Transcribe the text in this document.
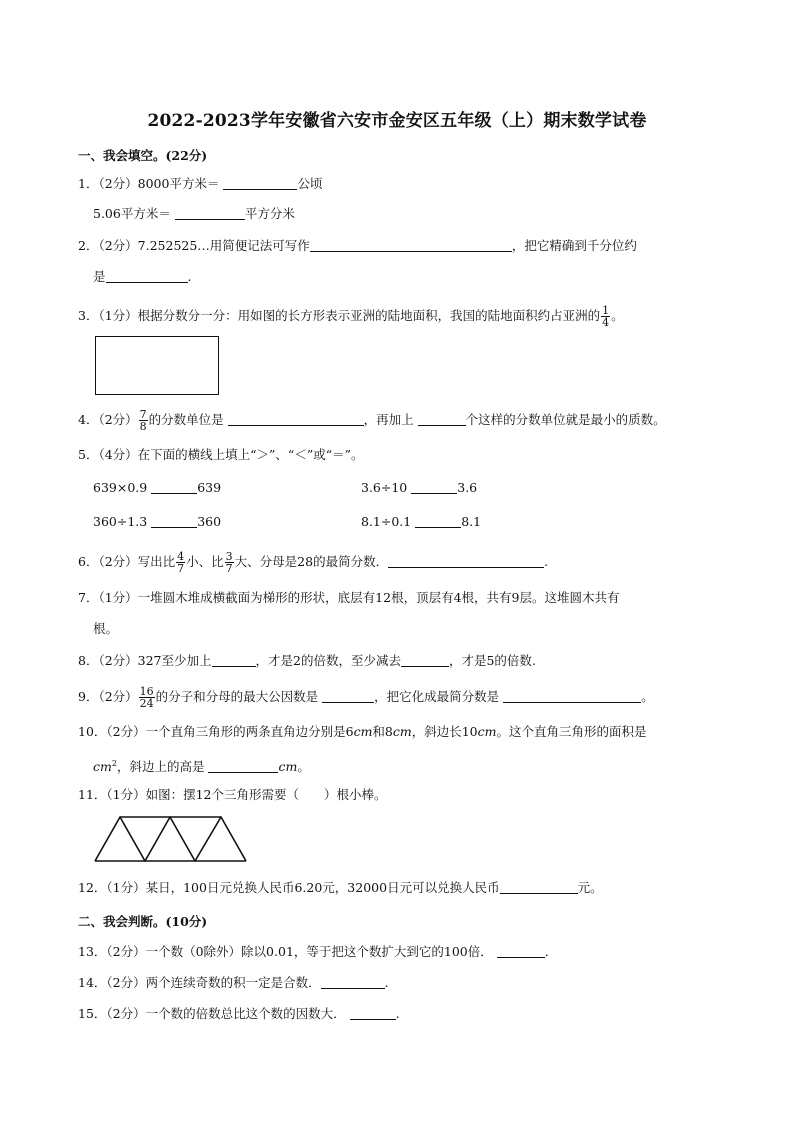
2022-2023学年安徽省六安市金安区五年级（上）期末数学试卷
一、我会填空。(22分)
1．（2分）8000平方米＝	公顷
5.06平方米＝	平方分米
2．（2分）7.252525…用简便记法可写作	，把它精确到千分位约
是	.
3．（1分）根据分数分一分：用如图的长方形表示亚洲的陆地面积，我国的陆地面积约占亚洲的 $\frac{1}{4}$ 。
4．（2分） $\frac{7}{8}$ 的分数单位是	，再加上	个这样的分数单位就是最小的质数。
5．（4分）在下面的横线上填上“＞”、“＜”或“＝”。
639×0.9	639	3.6÷10	3.6
360÷1.3	360	8.1÷0.1	8.1
6．（2分）写出比 $\frac{4}{7}$ 小、比 $\frac{3}{7}$ 大、分母是28的最简分数．	.
7．（1分）一堆圆木堆成横截面为梯形的形状，底层有12根，顶层有4根，共有9层。这堆圆木共有
根。
8．（2分）327至少加上	，才是2的倍数，至少减去	，才是5的倍数.
9．（2分） $\frac{16}{24}$ 的分子和分母的最大公因数是	，把它化成最简分数是	。
10．（2分）一个直角三角形的两条直角边分别是6cm和8cm，斜边长10cm。这个直角三角形的面积是
$cm^2$，斜边上的高是	cm。
11．（1分）如图：摆12个三角形需要（　　）根小棒。
12．（1分）某日，100日元兑换人民币6.20元，32000日元可以兑换人民币	元。
二、我会判断。(10分)
13．（2分）一个数（0除外）除以0.01，等于把这个数扩大到它的100倍．	.
14．（2分）两个连续奇数的积一定是合数．	.
15．（2分）一个数的倍数总比这个数的因数大．	.
